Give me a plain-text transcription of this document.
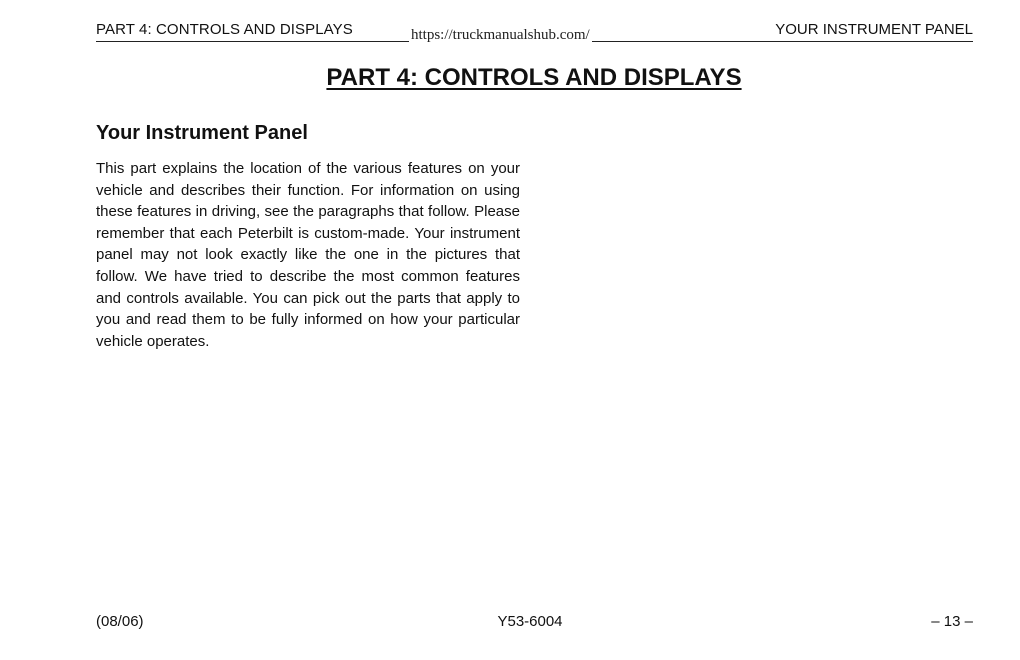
PART 4: CONTROLS AND DISPLAYS	YOUR INSTRUMENT PANEL
https://truckmanualshub.com/
PART 4: CONTROLS AND DISPLAYS
Your Instrument Panel

This part explains the location of the various features on your vehicle and describes their function. For information on using these features in driving, see the paragraphs that follow. Please remember that each Peterbilt is custom-made. Your instrument panel may not look exactly like the one in the pictures that follow. We have tried to describe the most common features and controls available. You can pick out the parts that apply to you and read them to be fully informed on how your particular vehicle operates.

(08/06)	Y53-6004	– 13 –
